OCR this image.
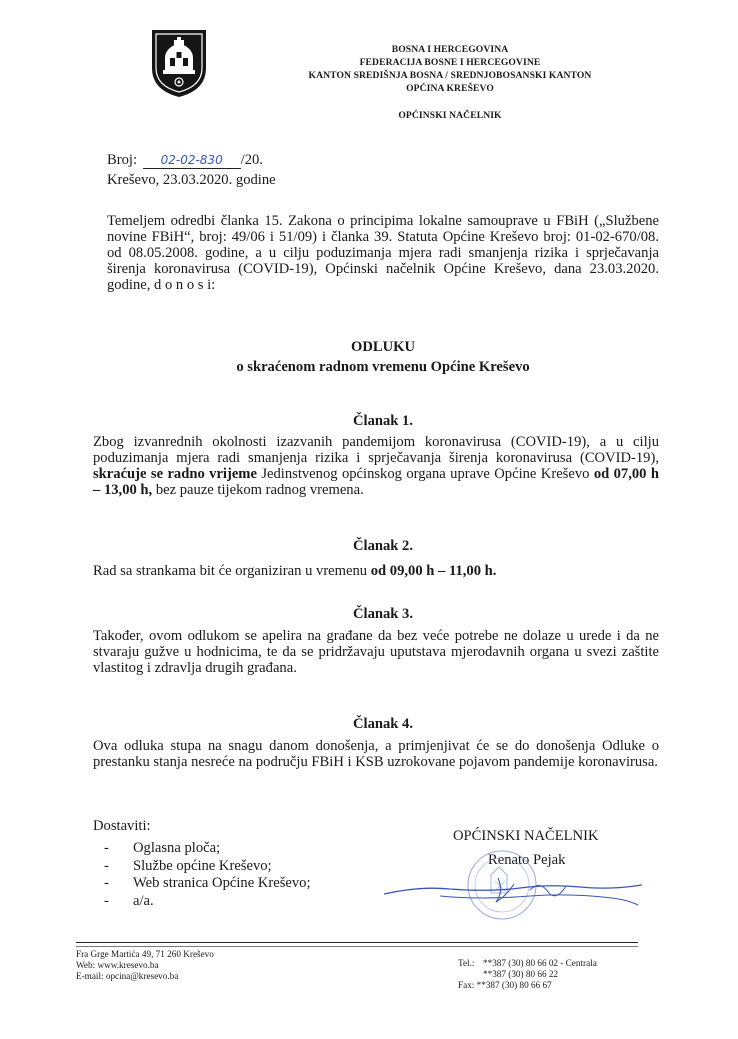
BOSNA I HERCEGOVINA
FEDERACIJA BOSNE I HERCEGOVINE
KANTON SREDIŠNJA BOSNA / SREDNJOBOSANSKI KANTON
OPĆINA KREŠEVO
OPĆINSKI NAČELNIK
Broj: 02-02-830 /20.
Kreševo, 23.03.2020. godine
Temeljem odredbi članka 15. Zakona o principima lokalne samouprave u FBiH („Službene novine FBiH“, broj: 49/06 i 51/09) i članka 39. Statuta Općine Kreševo broj: 01-02-670/08. od 08.05.2008. godine, a u cilju poduzimanja mjera radi smanjenja rizika i sprječavanja širenja koronavirusa (COVID-19), Općinski načelnik Općine Kreševo, dana 23.03.2020. godine, d o n o s i:
ODLUKU
o skraćenom radnom vremenu Općine Kreševo
Članak 1.
Zbog izvanrednih okolnosti izazvanih pandemijom koronavirusa (COVID-19), a u cilju poduzimanja mjera radi smanjenja rizika i sprječavanja širenja koronavirusa (COVID-19), skraćuje se radno vrijeme Jedinstvenog općinskog organa uprave Općine Kreševo od 07,00 h – 13,00 h, bez pauze tijekom radnog vremena.
Članak 2.
Rad sa strankama bit će organiziran u vremenu od 09,00 h – 11,00 h.
Članak 3.
Također, ovom odlukom se apelira na građane da bez veće potrebe ne dolaze u urede i da ne stvaraju gužve u hodnicima, te da se pridržavaju uputstava mjerodavnih organa u svezi zaštite vlastitog i zdravlja drugih građana.
Članak 4.
Ova odluka stupa na snagu danom donošenja, a primjenjivat će se do donošenja Odluke o prestanku stanja nesreće na području FBiH i KSB uzrokovane pojavom pandemije koronavirusa.
Dostaviti:
- Oglasna ploča;
- Službe općine Kreševo;
- Web stranica Općine Kreševo;
- a/a.
OPĆINSKI NAČELNIK
Renato Pejak
Fra Grge Martića 49, 71 260 Kreševo
Web: www.kresevo.ba
E-mail: opcina@kresevo.ba
Tel.: **387 (30) 80 66 02 - Centrala
**387 (30) 80 66 22
Fax: **387 (30) 80 66 67
